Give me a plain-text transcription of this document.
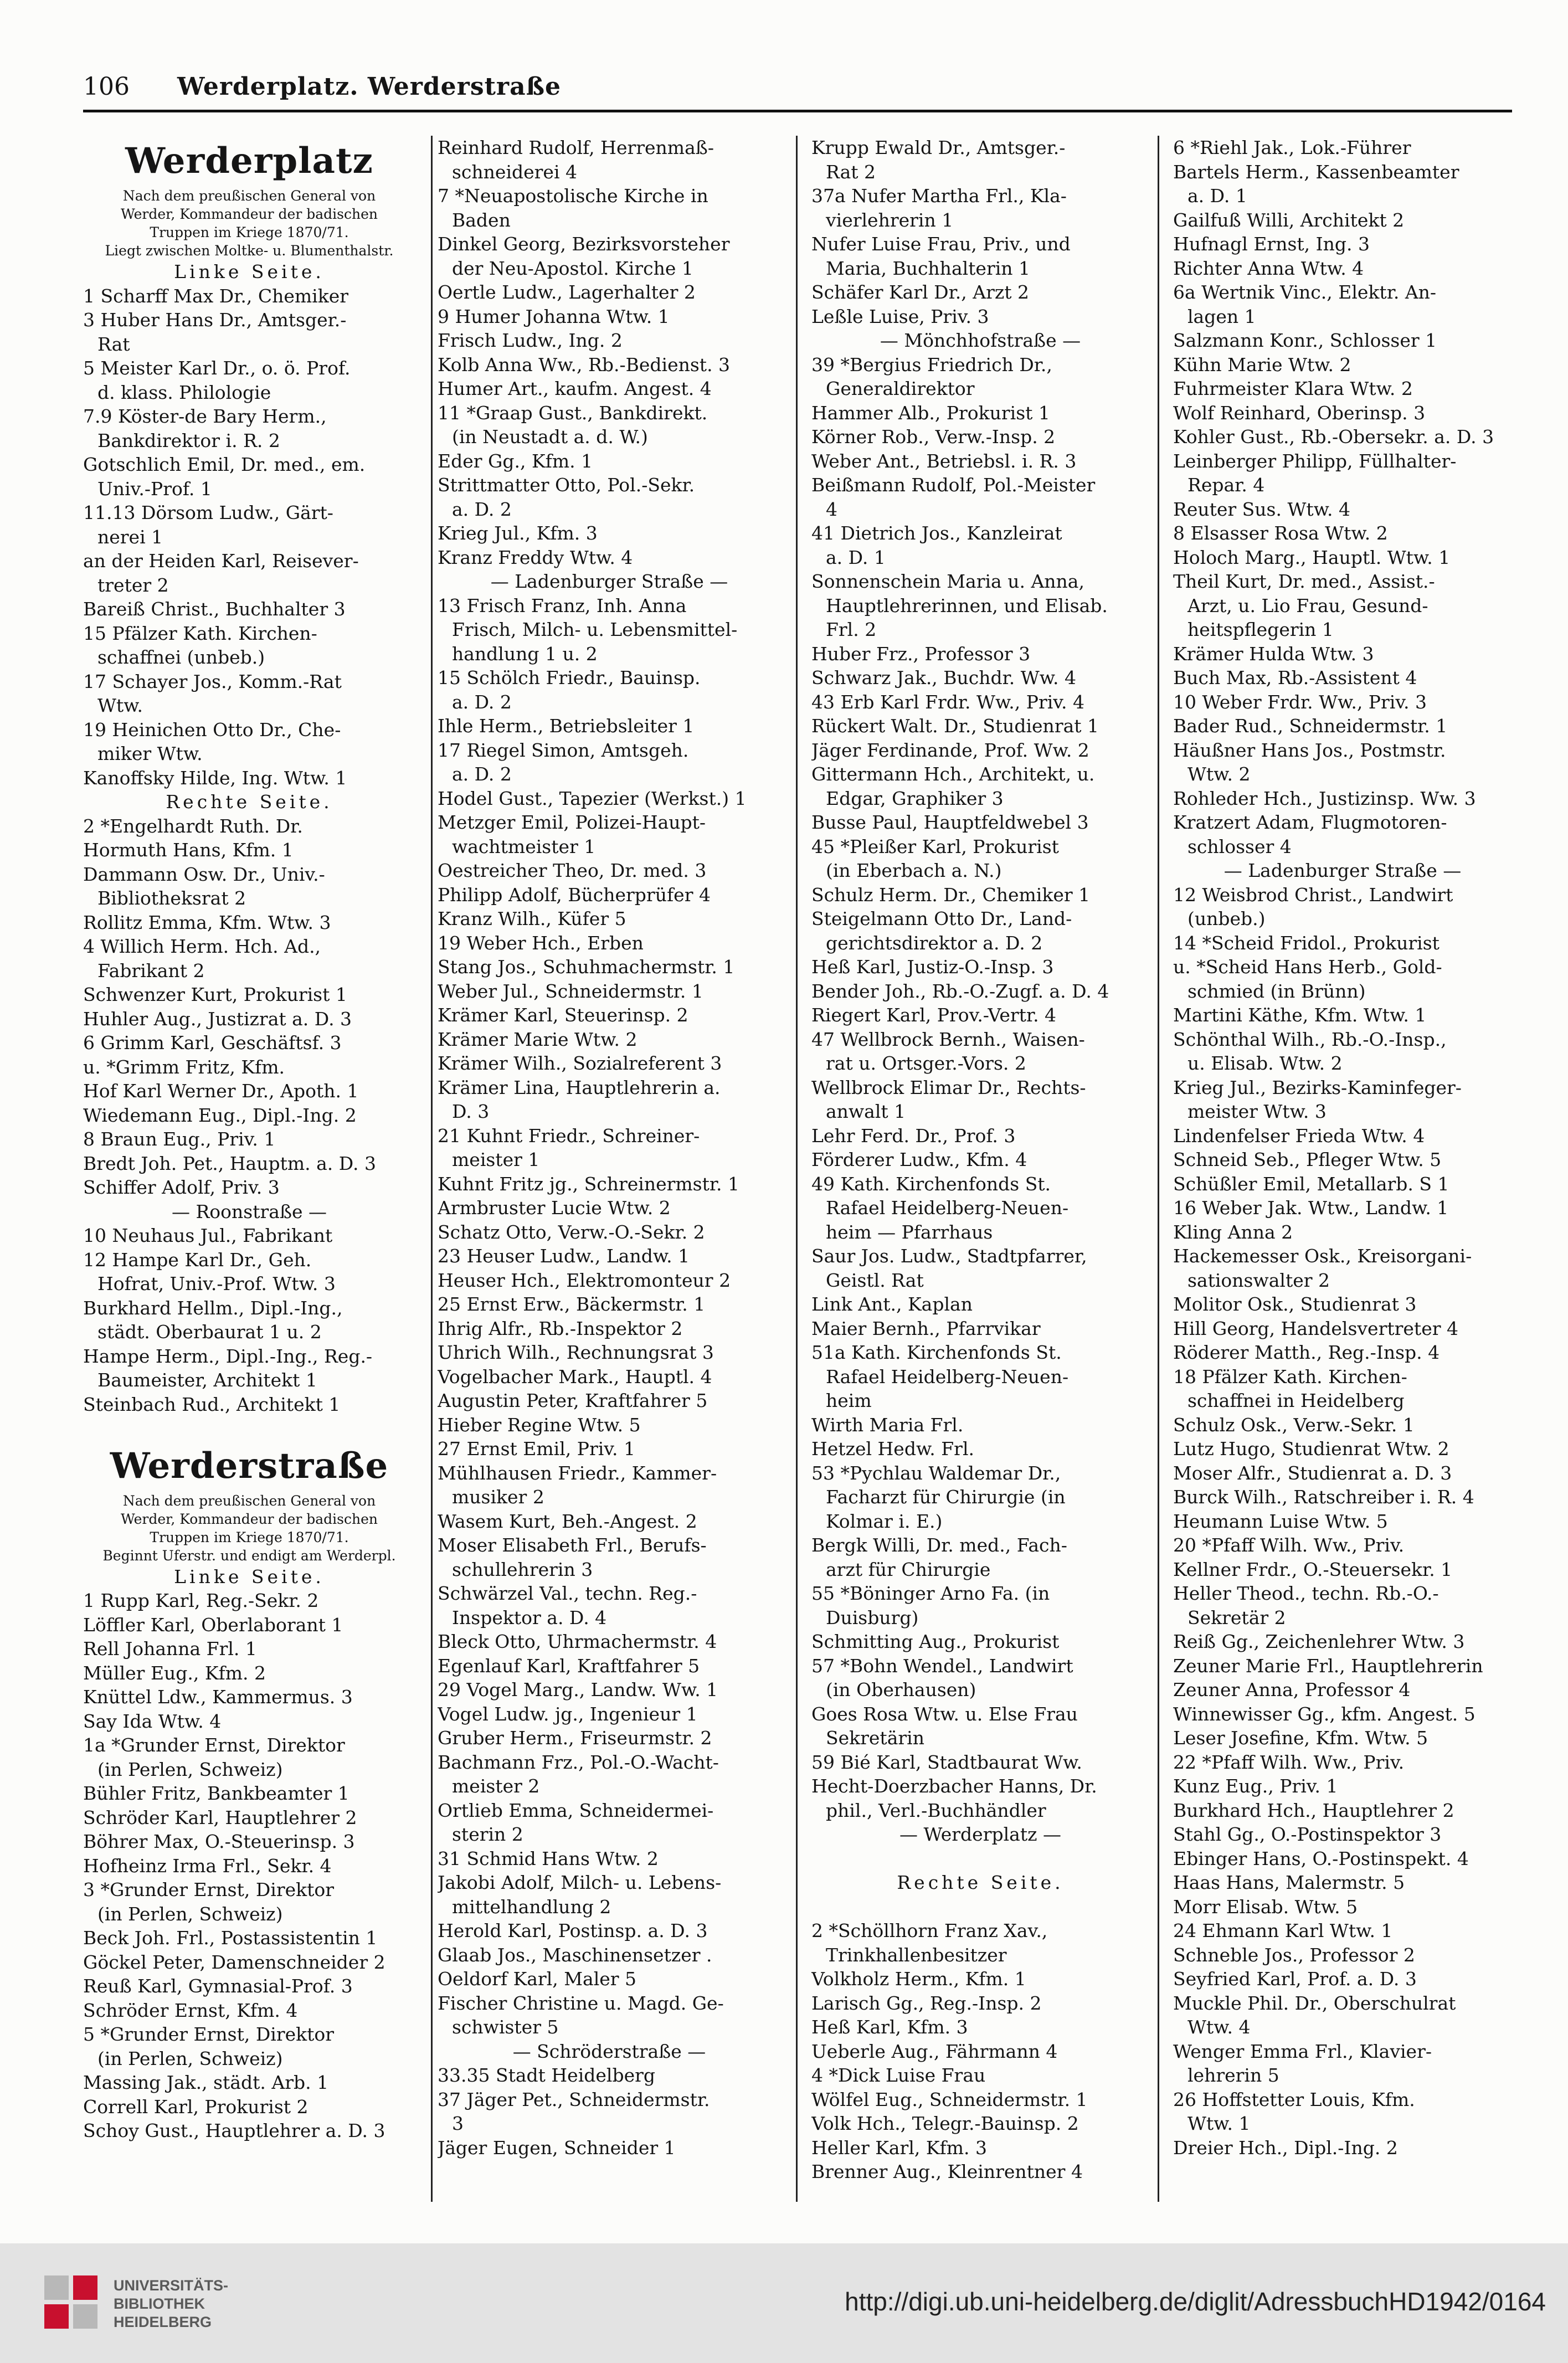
106 Werderplatz. Werderstraße
Werderplatz
Nach dem preußischen General von
Werder, Kommandeur der badischen
Truppen im Kriege 1870/71.
Liegt zwischen Moltke- u. Blumenthalstr.
Linke Seite.
1 Scharff Max Dr., Chemiker
3 Huber Hans Dr., Amtsger.-
Rat
5 Meister Karl Dr., o. ö. Prof.
d. klass. Philologie
7.9 Köster-de Bary Herm.,
Bankdirektor i. R. 2
Gotschlich Emil, Dr. med., em.
Univ.-Prof. 1
11.13 Dörsom Ludw., Gärt-
nerei 1
an der Heiden Karl, Reisever-
treter 2
Bareiß Christ., Buchhalter 3
15 Pfälzer Kath. Kirchen-
schaffnei (unbeb.)
17 Schayer Jos., Komm.-Rat
Wtw.
19 Heinichen Otto Dr., Che-
miker Wtw.
Kanoffsky Hilde, Ing. Wtw. 1
Rechte Seite.
2 *Engelhardt Ruth. Dr.
Hormuth Hans, Kfm. 1
Dammann Osw. Dr., Univ.-
Bibliotheksrat 2
Rollitz Emma, Kfm. Wtw. 3
4 Willich Herm. Hch. Ad.,
Fabrikant 2
Schwenzer Kurt, Prokurist 1
Huhler Aug., Justizrat a. D. 3
6 Grimm Karl, Geschäftsf. 3
u. *Grimm Fritz, Kfm.
Hof Karl Werner Dr., Apoth. 1
Wiedemann Eug., Dipl.-Ing. 2
8 Braun Eug., Priv. 1
Bredt Joh. Pet., Hauptm. a. D. 3
Schiffer Adolf, Priv. 3
— Roonstraße —
10 Neuhaus Jul., Fabrikant
12 Hampe Karl Dr., Geh.
Hofrat, Univ.-Prof. Wtw. 3
Burkhard Hellm., Dipl.-Ing.,
städt. Oberbaurat 1 u. 2
Hampe Herm., Dipl.-Ing., Reg.-
Baumeister, Architekt 1
Steinbach Rud., Architekt 1

Werderstraße
Nach dem preußischen General von
Werder, Kommandeur der badischen
Truppen im Kriege 1870/71.
Beginnt Uferstr. und endigt am Werderpl.
Linke Seite.
1 Rupp Karl, Reg.-Sekr. 2
Löffler Karl, Oberlaborant 1
Rell Johanna Frl. 1
Müller Eug., Kfm. 2
Knüttel Ldw., Kammermus. 3
Say Ida Wtw. 4
1a *Grunder Ernst, Direktor
(in Perlen, Schweiz)
Bühler Fritz, Bankbeamter 1
Schröder Karl, Hauptlehrer 2
Böhrer Max, O.-Steuerinsp. 3
Hofheinz Irma Frl., Sekr. 4
3 *Grunder Ernst, Direktor
(in Perlen, Schweiz)
Beck Joh. Frl., Postassistentin 1
Göckel Peter, Damenschneider 2
Reuß Karl, Gymnasial-Prof. 3
Schröder Ernst, Kfm. 4
5 *Grunder Ernst, Direktor
(in Perlen, Schweiz)
Massing Jak., städt. Arb. 1
Correll Karl, Prokurist 2
Schoy Gust., Hauptlehrer a. D. 3
Reinhard Rudolf, Herrenmaß-
schneiderei 4
7 *Neuapostolische Kirche in
Baden
Dinkel Georg, Bezirksvorsteher
der Neu-Apostol. Kirche 1
Oertle Ludw., Lagerhalter 2
9 Humer Johanna Wtw. 1
Frisch Ludw., Ing. 2
Kolb Anna Ww., Rb.-Bedienst. 3
Humer Art., kaufm. Angest. 4
11 *Graap Gust., Bankdirekt.
(in Neustadt a. d. W.)
Eder Gg., Kfm. 1
Strittmatter Otto, Pol.-Sekr.
a. D. 2
Krieg Jul., Kfm. 3
Kranz Freddy Wtw. 4
— Ladenburger Straße —
13 Frisch Franz, Inh. Anna
Frisch, Milch- u. Lebensmittel-
handlung 1 u. 2
15 Schölch Friedr., Bauinsp.
a. D. 2
Ihle Herm., Betriebsleiter 1
17 Riegel Simon, Amtsgeh.
a. D. 2
Hodel Gust., Tapezier (Werkst.) 1
Metzger Emil, Polizei-Haupt-
wachtmeister 1
Oestreicher Theo, Dr. med. 3
Philipp Adolf, Bücherprüfer 4
Kranz Wilh., Küfer 5
19 Weber Hch., Erben
Stang Jos., Schuhmachermstr. 1
Weber Jul., Schneidermstr. 1
Krämer Karl, Steuerinsp. 2
Krämer Marie Wtw. 2
Krämer Wilh., Sozialreferent 3
Krämer Lina, Hauptlehrerin a.
D. 3
21 Kuhnt Friedr., Schreiner-
meister 1
Kuhnt Fritz jg., Schreinermstr. 1
Armbruster Lucie Wtw. 2
Schatz Otto, Verw.-O.-Sekr. 2
23 Heuser Ludw., Landw. 1
Heuser Hch., Elektromonteur 2
25 Ernst Erw., Bäckermstr. 1
Ihrig Alfr., Rb.-Inspektor 2
Uhrich Wilh., Rechnungsrat 3
Vogelbacher Mark., Hauptl. 4
Augustin Peter, Kraftfahrer 5
Hieber Regine Wtw. 5
27 Ernst Emil, Priv. 1
Mühlhausen Friedr., Kammer-
musiker 2
Wasem Kurt, Beh.-Angest. 2
Moser Elisabeth Frl., Berufs-
schullehrerin 3
Schwärzel Val., techn. Reg.-
Inspektor a. D. 4
Bleck Otto, Uhrmachermstr. 4
Egenlauf Karl, Kraftfahrer 5
29 Vogel Marg., Landw. Ww. 1
Vogel Ludw. jg., Ingenieur 1
Gruber Herm., Friseurmstr. 2
Bachmann Frz., Pol.-O.-Wacht-
meister 2
Ortlieb Emma, Schneidermei-
sterin 2
31 Schmid Hans Wtw. 2
Jakobi Adolf, Milch- u. Lebens-
mittelhandlung 2
Herold Karl, Postinsp. a. D. 3
Glaab Jos., Maschinensetzer .
Oeldorf Karl, Maler 5
Fischer Christine u. Magd. Ge-
schwister 5
— Schröderstraße —
33.35 Stadt Heidelberg
37 Jäger Pet., Schneidermstr.
3
Jäger Eugen, Schneider 1
Krupp Ewald Dr., Amtsger.-
Rat 2
37a Nufer Martha Frl., Kla-
vierlehrerin 1
Nufer Luise Frau, Priv., und
Maria, Buchhalterin 1
Schäfer Karl Dr., Arzt 2
Leßle Luise, Priv. 3
— Mönchhofstraße —
39 *Bergius Friedrich Dr.,
Generaldirektor
Hammer Alb., Prokurist 1
Körner Rob., Verw.-Insp. 2
Weber Ant., Betriebsl. i. R. 3
Beißmann Rudolf, Pol.-Meister
4
41 Dietrich Jos., Kanzleirat
a. D. 1
Sonnenschein Maria u. Anna,
Hauptlehrerinnen, und Elisab.
Frl. 2
Huber Frz., Professor 3
Schwarz Jak., Buchdr. Ww. 4
43 Erb Karl Frdr. Ww., Priv. 4
Rückert Walt. Dr., Studienrat 1
Jäger Ferdinande, Prof. Ww. 2
Gittermann Hch., Architekt, u.
Edgar, Graphiker 3
Busse Paul, Hauptfeldwebel 3
45 *Pleißer Karl, Prokurist
(in Eberbach a. N.)
Schulz Herm. Dr., Chemiker 1
Steigelmann Otto Dr., Land-
gerichtsdirektor a. D. 2
Heß Karl, Justiz-O.-Insp. 3
Bender Joh., Rb.-O.-Zugf. a. D. 4
Riegert Karl, Prov.-Vertr. 4
47 Wellbrock Bernh., Waisen-
rat u. Ortsger.-Vors. 2
Wellbrock Elimar Dr., Rechts-
anwalt 1
Lehr Ferd. Dr., Prof. 3
Förderer Ludw., Kfm. 4
49 Kath. Kirchenfonds St.
Rafael Heidelberg-Neuen-
heim — Pfarrhaus
Saur Jos. Ludw., Stadtpfarrer,
Geistl. Rat
Link Ant., Kaplan
Maier Bernh., Pfarrvikar
51a Kath. Kirchenfonds St.
Rafael Heidelberg-Neuen-
heim
Wirth Maria Frl.
Hetzel Hedw. Frl.
53 *Pychlau Waldemar Dr.,
Facharzt für Chirurgie (in
Kolmar i. E.)
Bergk Willi, Dr. med., Fach-
arzt für Chirurgie
55 *Böninger Arno Fa. (in
Duisburg)
Schmitting Aug., Prokurist
57 *Bohn Wendel., Landwirt
(in Oberhausen)
Goes Rosa Wtw. u. Else Frau
Sekretärin
59 Bié Karl, Stadtbaurat Ww.
Hecht-Doerzbacher Hanns, Dr.
phil., Verl.-Buchhändler
— Werderplatz —

Rechte Seite.

2 *Schöllhorn Franz Xav.,
Trinkhallenbesitzer
Volkholz Herm., Kfm. 1
Larisch Gg., Reg.-Insp. 2
Heß Karl, Kfm. 3
Ueberle Aug., Fährmann 4
4 *Dick Luise Frau
Wölfel Eug., Schneidermstr. 1
Volk Hch., Telegr.-Bauinsp. 2
Heller Karl, Kfm. 3
Brenner Aug., Kleinrentner 4
6 *Riehl Jak., Lok.-Führer
Bartels Herm., Kassenbeamter
a. D. 1
Gailfuß Willi, Architekt 2
Hufnagl Ernst, Ing. 3
Richter Anna Wtw. 4
6a Wertnik Vinc., Elektr. An-
lagen 1
Salzmann Konr., Schlosser 1
Kühn Marie Wtw. 2
Fuhrmeister Klara Wtw. 2
Wolf Reinhard, Oberinsp. 3
Kohler Gust., Rb.-Obersekr. a. D. 3
Leinberger Philipp, Füllhalter-
Repar. 4
Reuter Sus. Wtw. 4
8 Elsasser Rosa Wtw. 2
Holoch Marg., Hauptl. Wtw. 1
Theil Kurt, Dr. med., Assist.-
Arzt, u. Lio Frau, Gesund-
heitspflegerin 1
Krämer Hulda Wtw. 3
Buch Max, Rb.-Assistent 4
10 Weber Frdr. Ww., Priv. 3
Bader Rud., Schneidermstr. 1
Häußner Hans Jos., Postmstr.
Wtw. 2
Rohleder Hch., Justizinsp. Ww. 3
Kratzert Adam, Flugmotoren-
schlosser 4
— Ladenburger Straße —
12 Weisbrod Christ., Landwirt
(unbeb.)
14 *Scheid Fridol., Prokurist
u. *Scheid Hans Herb., Gold-
schmied (in Brünn)
Martini Käthe, Kfm. Wtw. 1
Schönthal Wilh., Rb.-O.-Insp.,
u. Elisab. Wtw. 2
Krieg Jul., Bezirks-Kaminfeger-
meister Wtw. 3
Lindenfelser Frieda Wtw. 4
Schneid Seb., Pfleger Wtw. 5
Schüßler Emil, Metallarb. S 1
16 Weber Jak. Wtw., Landw. 1
Kling Anna 2
Hackemesser Osk., Kreisorgani-
sationswalter 2
Molitor Osk., Studienrat 3
Hill Georg, Handelsvertreter 4
Röderer Matth., Reg.-Insp. 4
18 Pfälzer Kath. Kirchen-
schaffnei in Heidelberg
Schulz Osk., Verw.-Sekr. 1
Lutz Hugo, Studienrat Wtw. 2
Moser Alfr., Studienrat a. D. 3
Burck Wilh., Ratschreiber i. R. 4
Heumann Luise Wtw. 5
20 *Pfaff Wilh. Ww., Priv.
Kellner Frdr., O.-Steuersekr. 1
Heller Theod., techn. Rb.-O.-
Sekretär 2
Reiß Gg., Zeichenlehrer Wtw. 3
Zeuner Marie Frl., Hauptlehrerin
Zeuner Anna, Professor 4
Winnewisser Gg., kfm. Angest. 5
Leser Josefine, Kfm. Wtw. 5
22 *Pfaff Wilh. Ww., Priv.
Kunz Eug., Priv. 1
Burkhard Hch., Hauptlehrer 2
Stahl Gg., O.-Postinspektor 3
Ebinger Hans, O.-Postinspekt. 4
Haas Hans, Malermstr. 5
Morr Elisab. Wtw. 5
24 Ehmann Karl Wtw. 1
Schneble Jos., Professor 2
Seyfried Karl, Prof. a. D. 3
Muckle Phil. Dr., Oberschulrat
Wtw. 4
Wenger Emma Frl., Klavier-
lehrerin 5
26 Hoffstetter Louis, Kfm.
Wtw. 1
Dreier Hch., Dipl.-Ing. 2
UNIVERSITÄTS-
BIBLIOTHEK
HEIDELBERG
http://digi.ub.uni-heidelberg.de/diglit/AdressbuchHD1942/0164
